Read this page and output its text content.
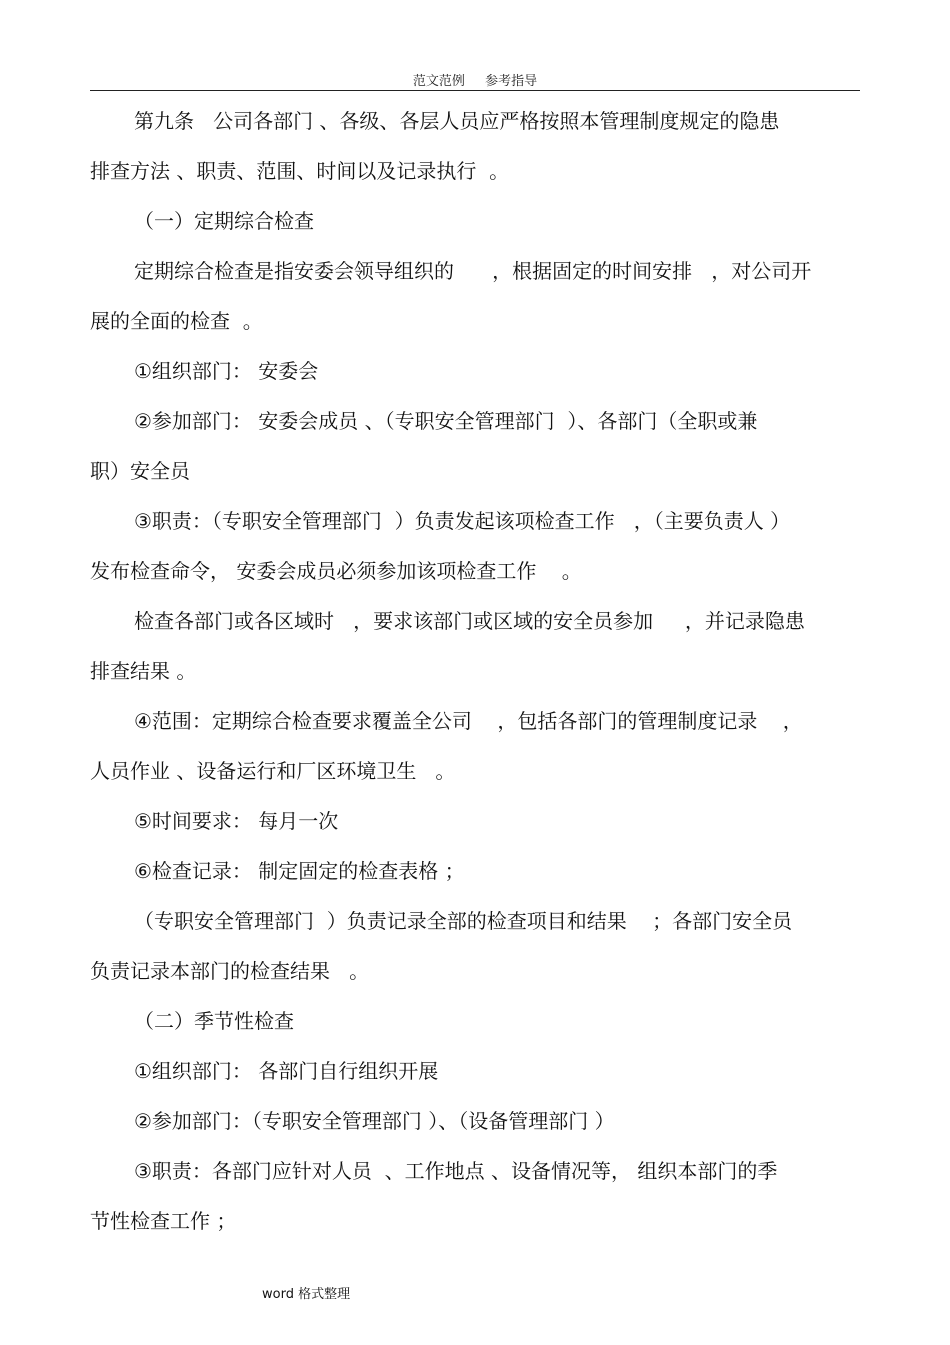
范文范例 参考指导
第九条   公司各部门 、各级、各层人员应严格按照本管理制度规定的隐患
排查方法 、职责、范围、时间以及记录执行  。
（一）定期综合检查
定期综合检查是指安委会领导组织的      ，根据固定的时间安排   ，对公司开
展的全面的检查  。
①组织部门： 安委会
②参加部门： 安委会成员 、（专职安全管理部门  ）、各部门（全职或兼
职）安全员
③职责：（专职安全管理部门  ）负责发起该项检查工作   ，（主要负责人 ）
发布检查命令， 安委会成员必须参加该项检查工作    。
检查各部门或各区域时   ，要求该部门或区域的安全员参加     ，并记录隐患
排查结果 。
④范围：定期综合检查要求覆盖全公司    ，包括各部门的管理制度记录    ，
人员作业 、设备运行和厂区环境卫生   。
⑤时间要求： 每月一次
⑥检查记录： 制定固定的检查表格 ；
（专职安全管理部门  ）负责记录全部的检查项目和结果    ；各部门安全员
负责记录本部门的检查结果   。
（二）季节性检查
①组织部门： 各部门自行组织开展
②参加部门：（专职安全管理部门 ）、（设备管理部门 ）
③职责：各部门应针对人员  、工作地点 、设备情况等， 组织本部门的季
节性检查工作 ；
word 格式整理
